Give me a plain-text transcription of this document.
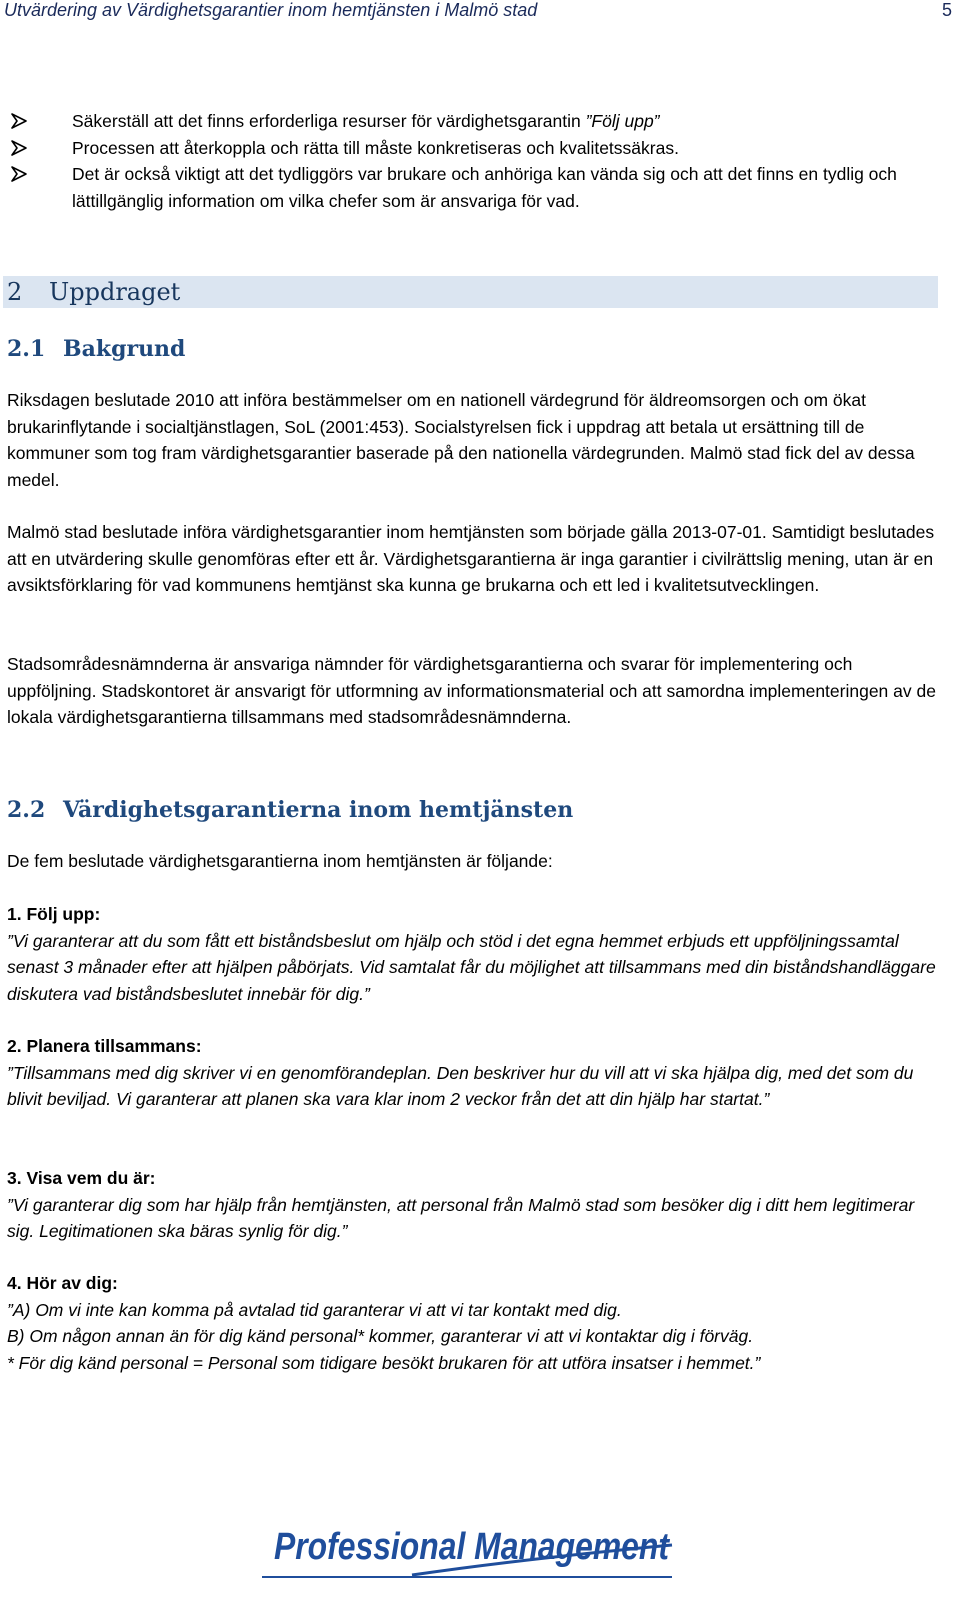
Utvärdering av Värdighetsgarantier inom hemtjänsten i Malmö stad	5
Säkerställ att det finns erforderliga resurser för värdighetsgarantin ”Följ upp”
Processen att återkoppla och rätta till måste konkretiseras och kvalitetssäkras.
Det är också viktigt att det tydliggörs var brukare och anhöriga kan vända sig och att det finns en tydlig och lättillgänglig information om vilka chefer som är ansvariga för vad.
2 Uppdraget
2.1 Bakgrund
Riksdagen beslutade 2010 att införa bestämmelser om en nationell värdegrund för äldreomsorgen och om ökat brukarinflytande i socialtjänstlagen, SoL (2001:453). Socialstyrelsen fick i uppdrag att betala ut ersättning till de kommuner som tog fram värdighetsgarantier baserade på den nationella värdegrunden. Malmö stad fick del av dessa medel.
Malmö stad beslutade införa värdighetsgarantier inom hemtjänsten som började gälla 2013-07-01. Samtidigt beslutades att en utvärdering skulle genomföras efter ett år. Värdighetsgarantierna är inga garantier i civilrättslig mening, utan är en avsiktsförklaring för vad kommunens hemtjänst ska kunna ge brukarna och ett led i kvalitetsutvecklingen.
Stadsområdesnämnderna är ansvariga nämnder för värdighetsgarantierna och svarar för implementering och uppföljning. Stadskontoret är ansvarigt för utformning av informationsmaterial och att samordna implementeringen av de lokala värdighetsgarantierna tillsammans med stadsområdesnämnderna.
2.2 Värdighetsgarantierna inom hemtjänsten
De fem beslutade värdighetsgarantierna inom hemtjänsten är följande:
1. Följ upp:
”Vi garanterar att du som fått ett biståndsbeslut om hjälp och stöd i det egna hemmet erbjuds ett uppföljningssamtal senast 3 månader efter att hjälpen påbörjats. Vid samtalat får du möjlighet att tillsammans med din biståndshandläggare diskutera vad biståndsbeslutet innebär för dig.”
2. Planera tillsammans:
”Tillsammans med dig skriver vi en genomförandeplan. Den beskriver hur du vill att vi ska hjälpa dig, med det som du blivit beviljad. Vi garanterar att planen ska vara klar inom 2 veckor från det att din hjälp har startat.”
3. Visa vem du är:
”Vi garanterar dig som har hjälp från hemtjänsten, att personal från Malmö stad som besöker dig i ditt hem legitimerar sig. Legitimationen ska bäras synlig för dig.”
4. Hör av dig:
”A) Om vi inte kan komma på avtalad tid garanterar vi att vi tar kontakt med dig.
B) Om någon annan än för dig känd personal* kommer, garanterar vi att vi kontaktar dig i förväg.
* För dig känd personal = Personal som tidigare besökt brukaren för att utföra insatser i hemmet.”
Professional Management
